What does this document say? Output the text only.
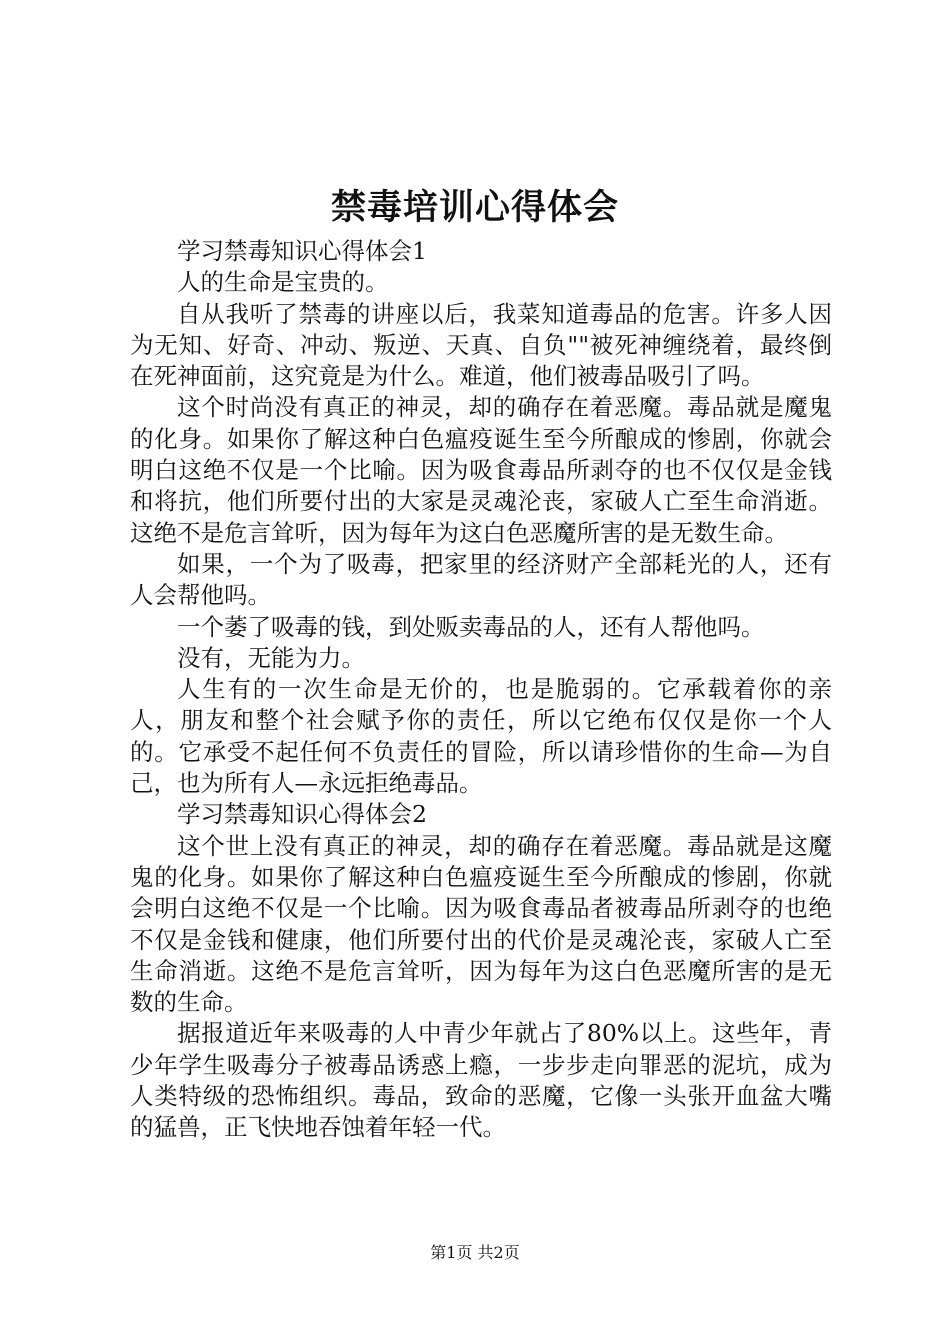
禁毒培训心得体会

学习禁毒知识心得体会1

人的生命是宝贵的。

自从我听了禁毒的讲座以后，我菜知道毒品的危害。许多人因为无知、好奇、冲动、叛逆、天真、自负""被死神缠绕着，最终倒在死神面前，这究竟是为什么。难道，他们被毒品吸引了吗。

这个时尚没有真正的神灵，却的确存在着恶魔。毒品就是魔鬼的化身。如果你了解这种白色瘟疫诞生至今所酿成的惨剧，你就会明白这绝不仅是一个比喻。因为吸食毒品所剥夺的也不仅仅是金钱和将抗，他们所要付出的大家是灵魂沦丧，家破人亡至生命消逝。这绝不是危言耸听，因为每年为这白色恶魔所害的是无数生命。

如果，一个为了吸毒，把家里的经济财产全部耗光的人，还有人会帮他吗。

一个萎了吸毒的钱，到处贩卖毒品的人，还有人帮他吗。

没有，无能为力。

人生有的一次生命是无价的，也是脆弱的。它承载着你的亲人，朋友和整个社会赋予你的责任，所以它绝布仅仅是你一个人的。它承受不起任何不负责任的冒险，所以请珍惜你的生命—为自己，也为所有人—永远拒绝毒品。

学习禁毒知识心得体会2

这个世上没有真正的神灵，却的确存在着恶魔。毒品就是这魔鬼的化身。如果你了解这种白色瘟疫诞生至今所酿成的惨剧，你就会明白这绝不仅是一个比喻。因为吸食毒品者被毒品所剥夺的也绝不仅是金钱和健康，他们所要付出的代价是灵魂沦丧，家破人亡至生命消逝。这绝不是危言耸听，因为每年为这白色恶魔所害的是无数的生命。

据报道近年来吸毒的人中青少年就占了80%以上。这些年，青少年学生吸毒分子被毒品诱惑上瘾，一步步走向罪恶的泥坑，成为人类特级的恐怖组织。毒品，致命的恶魔，它像一头张开血盆大嘴的猛兽，正飞快地吞蚀着年轻一代。

第1页 共2页
